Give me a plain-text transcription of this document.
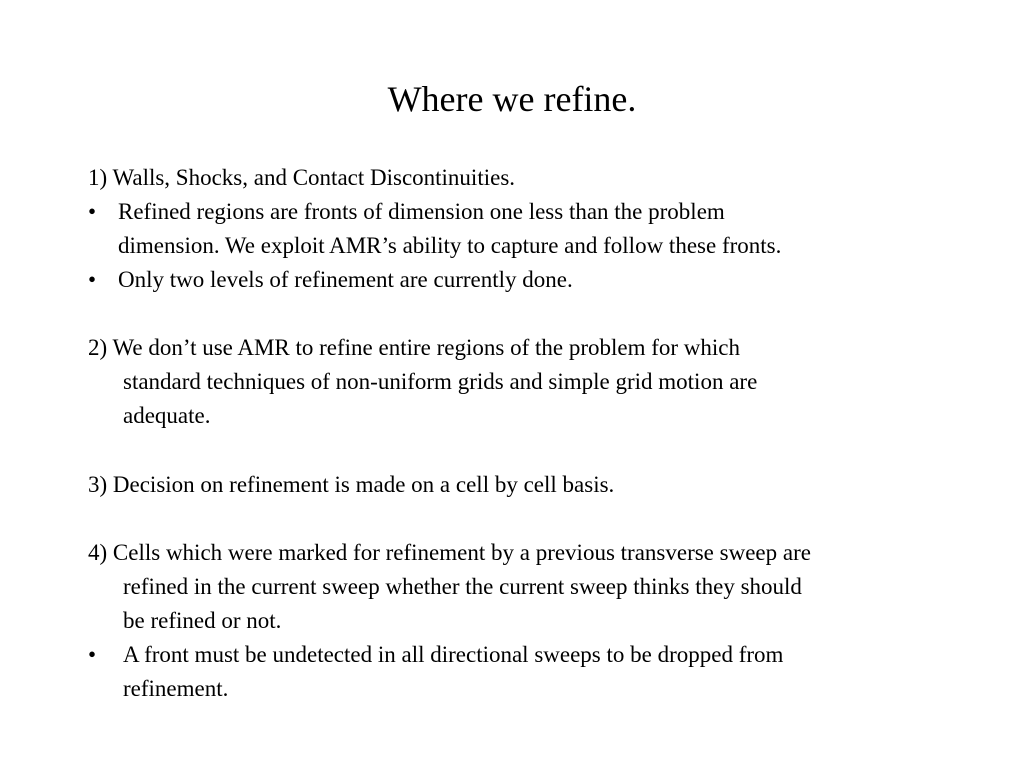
Where we refine.
1) Walls, Shocks, and Contact Discontinuities.
• Refined regions are fronts of dimension one less than the problem
dimension. We exploit AMR’s ability to capture and follow these fronts.
• Only two levels of refinement are currently done.
2) We don’t use AMR to refine entire regions of the problem for which
standard techniques of non-uniform grids and simple grid motion are
adequate.
3) Decision on refinement is made on a cell by cell basis.
4) Cells which were marked for refinement by a previous transverse sweep are
refined in the current sweep whether the current sweep thinks they should
be refined or not.
• A front must be undetected in all directional sweeps to be dropped from
refinement.
